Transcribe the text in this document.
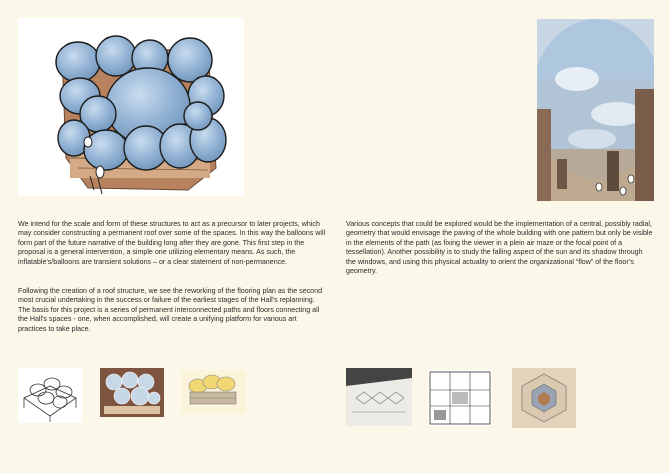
We intend for the scale and form of these structures to act as a precursor to later projects, which may consider constructing a permanent roof over some of the spaces. In this way the balloons will form part of the future narrative of the building long after they are gone. This first step in the proposal is a general intervention, a simple one utilizing elementary means. As such, the inflatable's/balloons are transient solutions – or a clear statement of non-permanence.

Following the creation of a roof structure, we see the reworking of the flooring plan as the second most crucial undertaking in the success or failure of the earliest stages of the Hall's replanning. The basis for this project is a series of permanent interconnected paths and floors connecting all the Hall's spaces - one, when accomplished, will create a unifying platform for various art practices to take place.

Various concepts that could be explored would be the implementation of a central, possibly radial, geometry that would envisage the paving of the whole building with one pattern but only be visible in the elements of the path (as fixing the viewer in a plein air maze or the focal point of a tessellation). Another possibility is to study the falling aspect of the sun and its shadow through the windows, and using this physical actuality to orient the organizational “flow” of the floor’s geometry.
